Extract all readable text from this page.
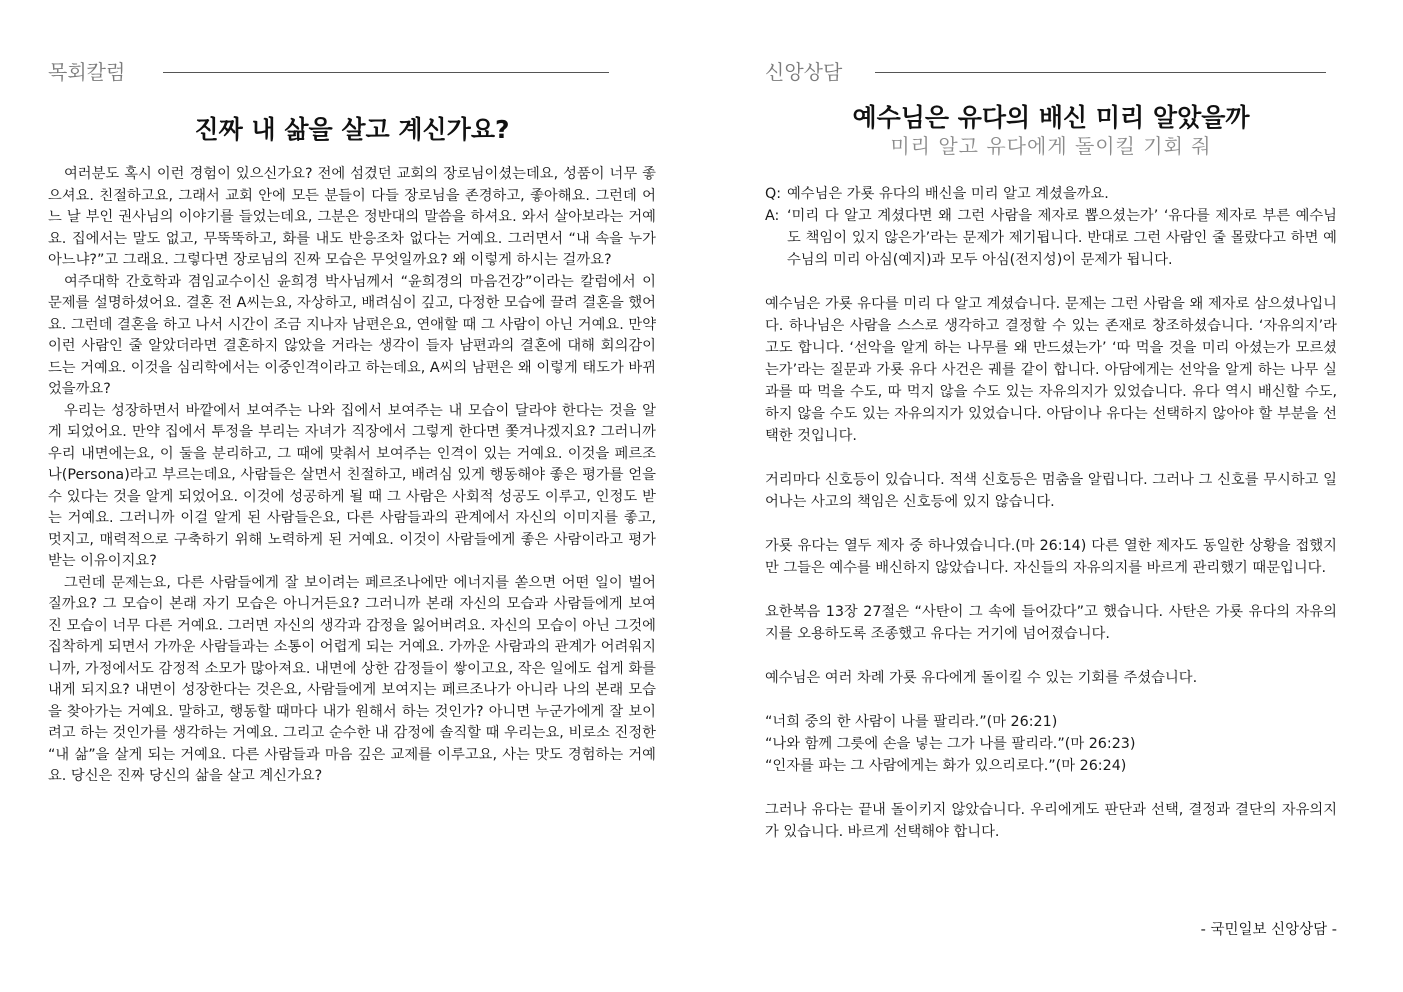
목회칼럼
진짜 내 삶을 살고 계신가요?

여러분도 혹시 이런 경험이 있으신가요? 전에 섬겼던 교회의 장로님이셨는데요, 성품이 너무 좋으셔요. 친절하고요, 그래서 교회 안에 모든 분들이 다들 장로님을 존경하고, 좋아해요. 그런데 어느 날 부인 권사님의 이야기를 들었는데요, 그분은 정반대의 말씀을 하셔요. 와서 살아보라는 거예요. 집에서는 말도 없고, 무뚝뚝하고, 화를 내도 반응조차 없다는 거예요. 그러면서 “내 속을 누가 아느냐?”고 그래요. 그렇다면 장로님의 진짜 모습은 무엇일까요? 왜 이렇게 하시는 걸까요?

여주대학 간호학과 겸임교수이신 윤희경 박사님께서 “윤희경의 마음건강”이라는 칼럼에서 이 문제를 설명하셨어요. 결혼 전 A씨는요, 자상하고, 배려심이 깊고, 다정한 모습에 끌려 결혼을 했어요. 그런데 결혼을 하고 나서 시간이 조금 지나자 남편은요, 연애할 때 그 사람이 아닌 거예요. 만약 이런 사람인 줄 알았더라면 결혼하지 않았을 거라는 생각이 들자 남편과의 결혼에 대해 회의감이 드는 거예요. 이것을 심리학에서는 이중인격이라고 하는데요, A씨의 남편은 왜 이렇게 태도가 바뀌었을까요?

우리는 성장하면서 바깥에서 보여주는 나와 집에서 보여주는 내 모습이 달라야 한다는 것을 알게 되었어요. 만약 집에서 투정을 부리는 자녀가 직장에서 그렇게 한다면 쫓겨나겠지요? 그러니까 우리 내면에는요, 이 둘을 분리하고, 그 때에 맞춰서 보여주는 인격이 있는 거예요. 이것을 페르조나(Persona)라고 부르는데요, 사람들은 살면서 친절하고, 배려심 있게 행동해야 좋은 평가를 얻을 수 있다는 것을 알게 되었어요. 이것에 성공하게 될 때 그 사람은 사회적 성공도 이루고, 인정도 받는 거예요. 그러니까 이걸 알게 된 사람들은요, 다른 사람들과의 관계에서 자신의 이미지를 좋고, 멋지고, 매력적으로 구축하기 위해 노력하게 된 거예요. 이것이 사람들에게 좋은 사람이라고 평가받는 이유이지요?

그런데 문제는요, 다른 사람들에게 잘 보이려는 페르조나에만 에너지를 쏟으면 어떤 일이 벌어질까요? 그 모습이 본래 자기 모습은 아니거든요? 그러니까 본래 자신의 모습과 사람들에게 보여진 모습이 너무 다른 거예요. 그러면 자신의 생각과 감정을 잃어버려요. 자신의 모습이 아닌 그것에 집착하게 되면서 가까운 사람들과는 소통이 어렵게 되는 거예요. 가까운 사람과의 관계가 어려워지니까, 가정에서도 감정적 소모가 많아져요. 내면에 상한 감정들이 쌓이고요, 작은 일에도 쉽게 화를 내게 되지요? 내면이 성장한다는 것은요, 사람들에게 보여지는 페르조나가 아니라 나의 본래 모습을 찾아가는 거예요. 말하고, 행동할 때마다 내가 원해서 하는 것인가? 아니면 누군가에게 잘 보이려고 하는 것인가를 생각하는 거예요. 그리고 순수한 내 감정에 솔직할 때 우리는요, 비로소 진정한 “내 삶”을 살게 되는 거예요. 다른 사람들과 마음 깊은 교제를 이루고요, 사는 맛도 경험하는 거예요. 당신은 진짜 당신의 삶을 살고 계신가요?

신앙상담
예수님은 유다의 배신 미리 알았을까
미리 알고 유다에게 돌이킬 기회 줘
Q: 예수님은 가룟 유다의 배신을 미리 알고 계셨을까요.
A: ‘미리 다 알고 계셨다면 왜 그런 사람을 제자로 뽑으셨는가’ ‘유다를 제자로 부른 예수님도 책임이 있지 않은가’라는 문제가 제기됩니다. 반대로 그런 사람인 줄 몰랐다고 하면 예수님의 미리 아심(예지)과 모두 아심(전지성)이 문제가 됩니다.

예수님은 가룟 유다를 미리 다 알고 계셨습니다. 문제는 그런 사람을 왜 제자로 삼으셨나입니다. 하나님은 사람을 스스로 생각하고 결정할 수 있는 존재로 창조하셨습니다. ‘자유의지’라고도 합니다. ‘선악을 알게 하는 나무를 왜 만드셨는가’ ‘따 먹을 것을 미리 아셨는가 모르셨는가’라는 질문과 가룟 유다 사건은 궤를 같이 합니다. 아담에게는 선악을 알게 하는 나무 실과를 따 먹을 수도, 따 먹지 않을 수도 있는 자유의지가 있었습니다. 유다 역시 배신할 수도, 하지 않을 수도 있는 자유의지가 있었습니다. 아담이나 유다는 선택하지 않아야 할 부분을 선택한 것입니다.

거리마다 신호등이 있습니다. 적색 신호등은 멈춤을 알립니다. 그러나 그 신호를 무시하고 일어나는 사고의 책임은 신호등에 있지 않습니다.

가룟 유다는 열두 제자 중 하나였습니다.(마 26:14) 다른 열한 제자도 동일한 상황을 접했지만 그들은 예수를 배신하지 않았습니다. 자신들의 자유의지를 바르게 관리했기 때문입니다.

요한복음 13장 27절은 “사탄이 그 속에 들어갔다”고 했습니다. 사탄은 가룟 유다의 자유의지를 오용하도록 조종했고 유다는 거기에 넘어졌습니다.

예수님은 여러 차례 가룟 유다에게 돌이킬 수 있는 기회를 주셨습니다.

“너희 중의 한 사람이 나를 팔리라.”(마 26:21)

“나와 함께 그릇에 손을 넣는 그가 나를 팔리라.”(마 26:23)

“인자를 파는 그 사람에게는 화가 있으리로다.”(마 26:24)

그러나 유다는 끝내 돌이키지 않았습니다. 우리에게도 판단과 선택, 결정과 결단의 자유의지가 있습니다. 바르게 선택해야 합니다.

- 국민일보 신앙상담 -
